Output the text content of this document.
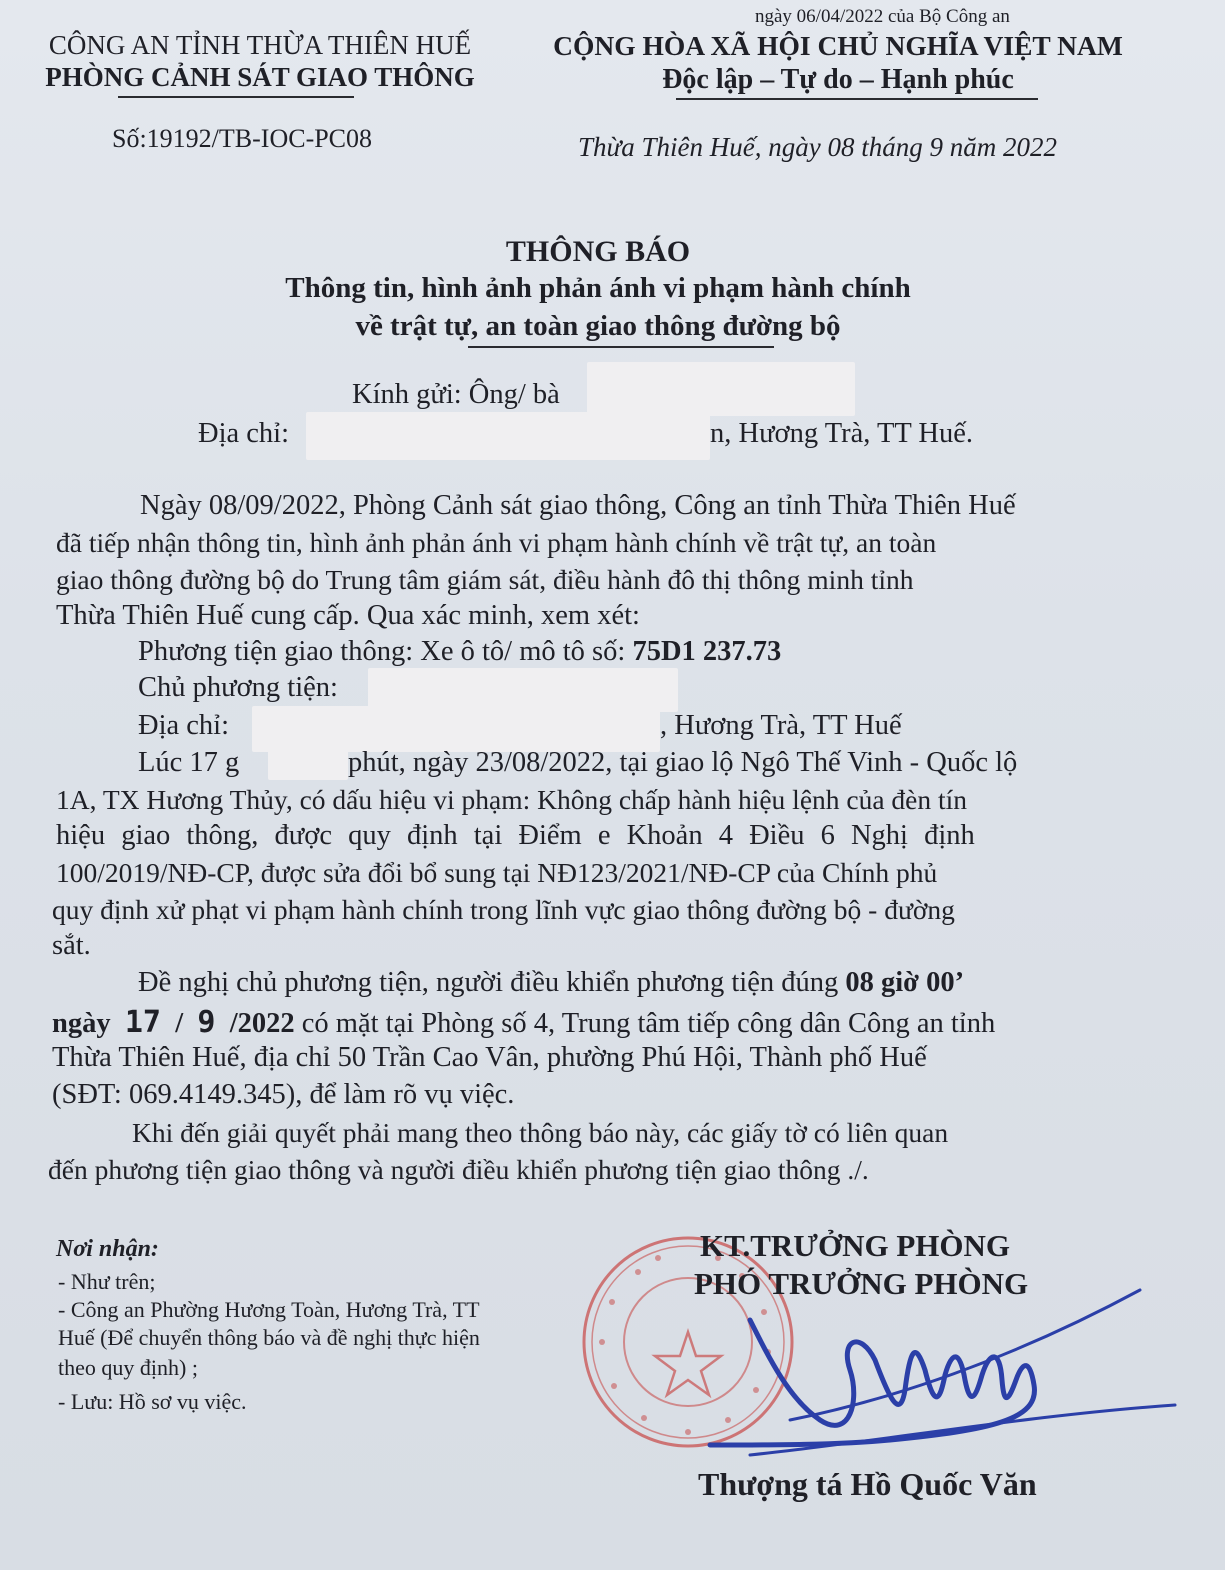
ngày 06/04/2022 của Bộ Công an
CÔNG AN TỈNH THỪA THIÊN HUẾ
PHÒNG CẢNH SÁT GIAO THÔNG
Số:19192/TB-IOC-PC08
CỘNG HÒA XÃ HỘI CHỦ NGHĨA VIỆT NAM
Độc lập – Tự do – Hạnh phúc
Thừa Thiên Huế, ngày 08 tháng 9 năm 2022
THÔNG BÁO
Thông tin, hình ảnh phản ánh vi phạm hành chính
về trật tự, an toàn giao thông đường bộ
Kính gửi: Ông/ bà
Địa chỉ:	n, Hương Trà, TT Huế.
Ngày 08/09/2022, Phòng Cảnh sát giao thông, Công an tỉnh Thừa Thiên Huế
đã tiếp nhận thông tin, hình ảnh phản ánh vi phạm hành chính về trật tự, an toàn
giao thông đường bộ do Trung tâm giám sát, điều hành đô thị thông minh tỉnh
Thừa Thiên Huế cung cấp. Qua xác minh, xem xét:
Phương tiện giao thông: Xe ô tô/ mô tô số: 75D1 237.73
Chủ phương tiện:
Địa chỉ:	, Hương Trà, TT Huế
Lúc 17 g	phút, ngày 23/08/2022, tại giao lộ Ngô Thế Vinh - Quốc lộ
1A, TX Hương Thủy, có dấu hiệu vi phạm: Không chấp hành hiệu lệnh của đèn tín
hiệu giao thông, được quy định tại Điểm e Khoản 4 Điều 6 Nghị định
100/2019/NĐ-CP, được sửa đổi bổ sung tại NĐ123/2021/NĐ-CP của Chính phủ
quy định xử phạt vi phạm hành chính trong lĩnh vực giao thông đường bộ - đường
sắt.
Đề nghị chủ phương tiện, người điều khiển phương tiện đúng 08 giờ 00’
ngày 17 / 9 /2022 có mặt tại Phòng số 4, Trung tâm tiếp công dân Công an tỉnh
Thừa Thiên Huế, địa chỉ 50 Trần Cao Vân, phường Phú Hội, Thành phố Huế
(SĐT: 069.4149.345), để làm rõ vụ việc.
Khi đến giải quyết phải mang theo thông báo này, các giấy tờ có liên quan
đến phương tiện giao thông và người điều khiển phương tiện giao thông ./.
Nơi nhận:
- Như trên;
- Công an Phường Hương Toàn, Hương Trà, TT
Huế (Để chuyển thông báo và đề nghị thực hiện
theo quy định) ;
- Lưu: Hồ sơ vụ việc.
KT.TRƯỞNG PHÒNG
PHÓ TRƯỞNG PHÒNG
Thượng tá Hồ Quốc Văn
